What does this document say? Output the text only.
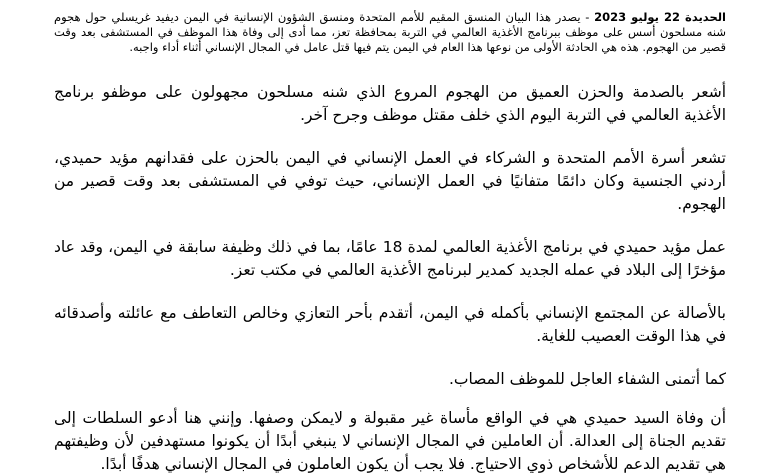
الحديدة 22 يوليو 2023 - يصدر هذا البيان المنسق المقيم للأمم المتحدة ومنسق الشؤون الإنسانية في اليمن ديفيد غريسلي حول هجوم شنه مسلحون أسس على موظف ببرنامج الأغذية العالمي في التربة بمحافظة تعز، مما أدى إلى وفاة هذا الموظف في المستشفى بعد وقت قصير من الهجوم. هذه هي الحادثة الأولى من نوعها هذا العام في اليمن يتم فيها قتل عامل في المجال الإنساني أثناء أداء واجبه.

أشعر بالصدمة والحزن العميق من الهجوم المروع الذي شنه مسلحون مجهولون على موظفو برنامج الأغذية العالمي في التربة اليوم الذي خلف مقتل موظف وجرح آخر.

تشعر أسرة الأمم المتحدة و الشركاء في العمل الإنساني في اليمن بالحزن على فقدانهم مؤيد حميدي، أردني الجنسية وكان دائمًا متفانيًا في العمل الإنساني، حيث توفي في المستشفى بعد وقت قصير من الهجوم.

عمل مؤيد حميدي في برنامج الأغذية العالمي لمدة 18 عامًا، بما في ذلك وظيفة سابقة في اليمن، وقد عاد مؤخرًا إلى البلاد في عمله الجديد كمدير لبرنامج الأغذية العالمي في مكتب تعز.

بالأصالة عن المجتمع الإنساني بأكمله في اليمن، أتقدم بأحر التعازي وخالص التعاطف مع عائلته وأصدقائه في هذا الوقت العصيب للغاية.

كما أتمنى الشفاء العاجل للموظف المصاب.

أن وفاة السيد حميدي هي في الواقع مأساة غير مقبولة و لايمكن وصفها. وإنني هنا أدعو السلطات إلى تقديم الجناة إلى العدالة. أن العاملين في المجال الإنساني لا ينبغي أبدًا أن يكونوا مستهدفين لأن وظيفتهم هي تقديم الدعم للأشخاص ذوي الاحتياج. فلا يجب أن يكون العاملون في المجال الإنساني هدفًا أبدًا.
